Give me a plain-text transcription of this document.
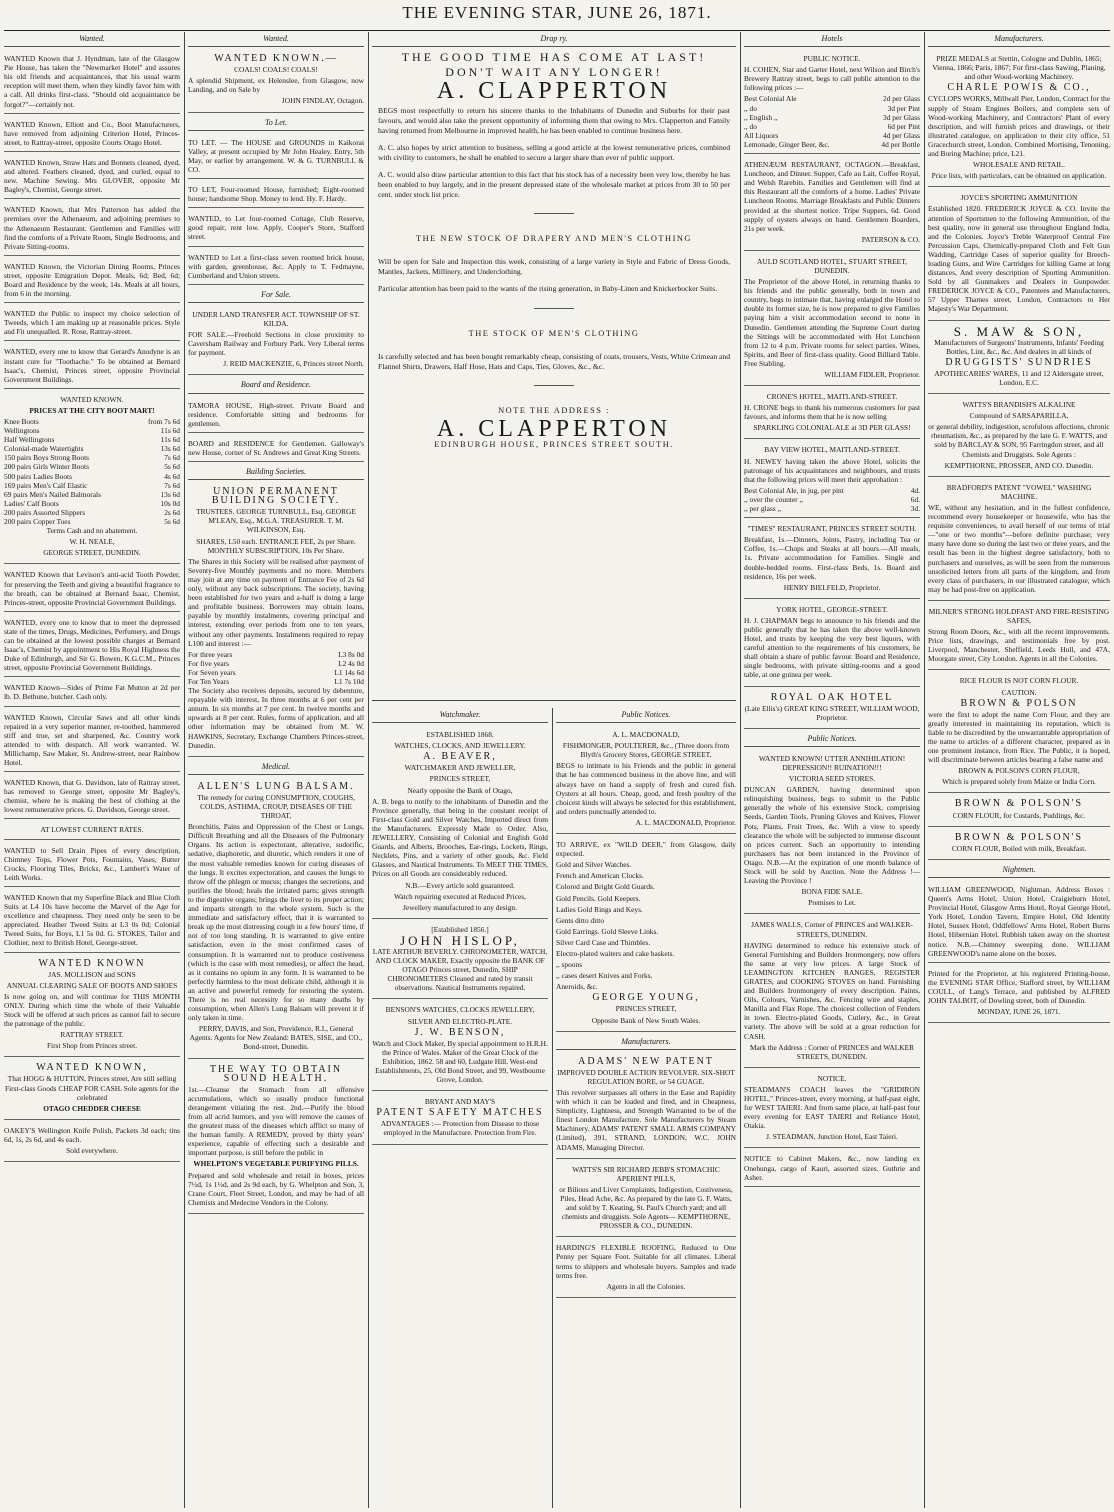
THE EVENING STAR, JUNE 26, 1871.
Wanted.
WANTED Known that J. Hyndman, late of the Glasgow Pie House, has taken the "Newmarket Hotel" and assures his old friends and acquaintances, that his usual warm reception will meet them, when they kindly favor him with a call. All drinks first-class. "Should old acquaintance be forgot?"—certainly not.
WANTED Known, Elliott and Co., Boot Manufacturers, have removed from adjoining Criterion Hotel, Princes-street, to Rattray-street, opposite Courts Otago Hotel.
WANTED Known, Straw Hats and Bonnets cleaned, dyed, and altered. Feathers cleaned, dyed, and curled, equal to new. Machine Sewing. Mrs GLOVER, opposite Mr Bagley's, Chemist, George street.
WANTED Known, that Mrs Patterson has added the premises over the Athenaeum, and adjoining premises to the Athenaeum Restaurant. Gentlemen and Families will find the comforts of a Private Room, Single Bedrooms, and Private Sitting-rooms.
WANTED Known, the Victorian Dining Rooms, Princes street, opposite Emigration Depot. Meals, 6d; Bed, 6d; Board and Residence by the week, 14s. Meals at all hours, from 6 in the morning.
WANTED the Public to inspect my choice selection of Tweeds, which I am making up at reasonable prices. Style and Fit unequalled. R. Rose, Rattray-street.
WANTED, every one to know that Gerard's Anodyne is an instant cure for "Toothache." To be obtained at Bernard Isaac's, Chemist, Princes street, opposite Provincial Government Buildings.

WANTED KNOWN.

PRICES AT THE CITY BOOT MART!

Knee Boots	from 7s 6d
Wellingtons	11s 6d
Half Wellingtons	11s 6d
Colonial-made Watertights	13s 6d
150 pairs Boys Strong Boots	7s 6d
200 pairs Girls Winter Boots	5s 6d
500 pairs Ladies Boots	4s 6d
169 pairs Men's Calf Elastic	7s 6d
69 pairs Men's Nailed Balmorals	13s 6d
Ladies' Calf Boots	10s 0d
200 pairs Assorted Slippers	2s 6d
200 pairs Copper Toes	5s 6d

Terms Cash and no abatement.

W. H. NEALE,

GEORGE STREET, DUNEDIN.

WANTED Known that Levison's anti-acid Tooth Powder, for preserving the Teeth and giving a beautiful fragrance to the breath, can be obtained at Bernard Isaac, Chemist, Princes-street, opposite Provincial Government Buildings.
WANTED, every one to know that to meet the depressed state of the times, Drugs, Medicines, Perfumery, and Drugs can be obtained at the lowest possible charges at Bernard Isaac's, Chemist by appointment to His Royal Highness the Duke of Edinburgh, and Sir G. Bowen, K.G.C.M., Princes street, opposite Provincial Government Buildings.
WANTED Known—Sides of Prime Fat Mutton at 2d per lb. D. Bethune, butcher. Cash only.
WANTED Known, Circular Saws and all other kinds repaired in a very superior manner, re-toothed, hammered stiff and true, set and sharpened, &c. Country work attended to with despatch. All work warranted. W. Millichamp, Saw Maker, St. Andrew-street, near Rainbow Hotel.
WANTED Known, that G. Davidson, late of Rattray street, has removed to George street, opposite Mr Bagley's, chemist, where he is making the best of clothing at the lowest remunerative prices. G. Davidson, George street.
AT LOWEST CURRENT RATES.
WANTED to Sell Drain Pipes of every description, Chimney Tops, Flower Pots, Fountains, Vases, Butter Crocks, Flooring Tiles, Bricks, &c., Lambert's Water of Leith Works.
WANTED Known that my Superfine Black and Blue Cloth Suits at L4 10s have become the Marvel of the Age for excellence and cheapness. They need only be seen to be appreciated. Heather Tweed Suits at L3 0s 0d; Colonial Tweed Suits, for Boys, L1 5s 0d. G. STOKES, Tailor and Clothier, next to British Hotel, George-street.

WANTED KNOWN

JAS. MOLLISON and SONS

ANNUAL CLEARING SALE OF BOOTS AND SHOES

Is now going on, and will continue for THIS MONTH ONLY. During which time the whole of their Valuable Stock will be offered at such prices as cannot fail to secure the patronage of the public.

RATTRAY STREET.

First Shop from Princes street.

WANTED KNOWN,

That HOGG & HUTTON, Princes street, Are still selling First-class Goods CHEAP FOR CASH. Sole agents for the celebrated

OTAGO CHEDDER CHEESE

OAKEY'S Wellington Knife Polish, Packets 3d each; tins 6d, 1s, 2s 6d, and 4s each.

Sold everywhere.

Wanted.

WANTED KNOWN.—

COALS! COALS! COALS!

A splendid Shipment, ex Helenslee, from Glasgow, now Landing, and on Sale by

JOHN FINDLAY, Octagon.

To Let.
TO LET. — The HOUSE and GROUNDS in Kaikorai Valley, at present occupied by Mr John Healey. Entry, 5th May, or earlier by arrangement. W. & G. TURNBULL & CO.
TO LET, Four-roomed House, furnished; Eight-roomed house; handsome Shop. Money to lend. Hy. F. Hardy.
WANTED, to Let four-roomed Cottage, Club Reserve, good repair, rent low. Apply, Cooper's Store, Stafford street.
WANTED to Let a first-class seven roomed brick house, with garden, greenhouse, &c. Apply to T. Fedmayne, Cumberland and Union streets.
For Sale.

UNDER LAND TRANSFER ACT. TOWNSHIP OF ST. KILDA.

FOR SALE.—Freehold Sections in close proximity to Caversham Railway and Forbury Park. Very Liberal terms for payment.

J. REID MACKENZIE, 6, Princes street North.

Board and Residence.
TAMORA HOUSE, High-street. Private Board and residence. Comfortable sitting and bedrooms for gentlemen.
BOARD and RESIDENCE for Gentlemen. Galloway's new House, corner of St. Andrews and Great King Streets.
Building Societies.

UNION PERMANENT BUILDING SOCIETY.

TRUSTEES. GEORGE TURNBULL, Esq. GEORGE M'LEAN, Esq., M.G.A. TREASURER. T. M. WILKINSON, Esq.

SHARES, L50 each. ENTRANCE FEE, 2s per Share. MONTHLY SUBSCRIPTION, 10s Per Share.

The Shares in this Society will be realised after payment of Seventy-five Monthly payments and no more. Members may join at any time on payment of Entrance Fee of 2s 6d only, without any back subscriptions. The society, having been established for two years and a-half is doing a large and profitable business. Borrowers may obtain loans, payable by monthly instalments, covering principal and interest, extending over periods from one to ten years, without any other payments. Instalments required to repay L100 and interest :—

For three years	L3 8s 0d
For five years	L2 4s 0d
For Seven years	L1 14s 6d
For Ten Years	L1 7s 10d

The Society also receives deposits, secured by debenture, repayable with interest, In three months at 6 per cent per annum. In six months at 7 per cent. In twelve months and upwards at 8 per cent. Rules, forms of application, and all other information may be obtained from M. W. HAWKINS, Secretary, Exchange Chambers Princes-street, Dunedin.

Medical.

ALLEN'S LUNG BALSAM.

The remedy for curing CONSUMPTION, COUGHS, COLDS, ASTHMA, CROUP, DISEASES OF THE THROAT,

Bronchitis, Pains and Oppression of the Chest or Lungs, Difficult Breathing and all the Diseases of the Pulmonary Organs. Its action is expectorant, alterative, sudorific, sedative, diaphoretic, and diuretic, which renders it one of the most valuable remedies known for curing diseases of the lungs. It excites expectoration, and causes the lungs to throw off the phlegm or mucus; changes the secretions, and purifies the blood; heals the irritated parts; gives strength to the digestive organs; brings the liver to its proper action; and imparts strength to the whole system. Such is the immediate and satisfactory effect, that it is warranted to break up the most distressing cough in a few hours' time, if not of too long standing. It is warranted to give entire satisfaction, even in the most confirmed cases of consumption. It is warranted not to produce costiveness (which is the case with most remedies), or affect the head, as it contains no opium in any form. It is warranted to be perfectly harmless to the most delicate child, although it is an active and powerful remedy for restoring the system. There is no real necessity for so many deaths by consumption, when Allen's Lung Balsam will prevent it if only taken in time.

PERRY, DAVIS, and Son, Providence, R.I., General Agents. Agents for New Zealand: BATES, SISE, and CO., Bond-street, Dunedin.

THE WAY TO OBTAIN SOUND HEALTH.

1st.—Cleanse the Stomach from all offensive accumulations, which so usually produce functional derangement vitiating the rest. 2nd.—Purify the blood from all acrid humors, and you will remove the causes of the greatest mass of the diseases which afflict so many of the human family. A REMEDY, proved by thirty years' experience, capable of effecting such a desirable and important purpose, is still before the public in

WHELPTON'S VEGETABLE PURIFYING PILLS.

Prepared and sold wholesale and retail in boxes, prices 7½d, 1s 1½d, and 2s 9d each, by G. Whelpton and Son, 3, Crane Court, Fleet Street, London, and may be had of all Chemists and Medecine Vendors in the Colony.

Drap ry.
THE GOOD TIME HAS COME AT LAST!
DON'T WAIT ANY LONGER!
A. CLAPPERTON
BEGS most respectfully to return his sincere thanks to the Inhabitants of Dunedin and Suburbs for their past favours, and would also take the present opportunity of informing them that owing to Mrs. Clapperton and Family having returned from Melbourne in improved health, he has been enabled to continue business here.
A. C. also hopes by strict attention to business, selling a good article at the lowest remunerative prices, combined with civility to customers, he shall be enabled to secure a larger share than ever of public support.
A. C. would also draw particular attention to this fact that his stock has of a necessity been very low, thereby he has been enabled to buy largely, and in the present depressed state of the wholesale market at prices from 30 to 50 per cent. under stock list price.
THE NEW STOCK OF DRAPERY AND MEN'S CLOTHING
Will be open for Sale and Inspection this week, consisting of a large variety in Style and Fabric of Dress Goods, Mantles, Jackets, Millinery, and Underclothing.
Particular attention has been paid to the wants of the rising generation, in Baby-Linen and Knickerbocker Suits.
THE STOCK OF MEN'S CLOTHING
Is carefully selected and has been bought remarkably cheap, consisting of coats, trousers, Vests, White Crimean and Flannel Shirts, Drawers, Half Hose, Hats and Caps, Ties, Gloves, &c., &c.
NOTE THE ADDRESS :
A. CLAPPERTON
EDINBURGH HOUSE, PRINCES STREET SOUTH.
Watchmaker.

ESTABLISHED 1868.

WATCHES, CLOCKS, AND JEWELLERY.

A. BEAVER,

WATCHMAKER AND JEWELLER,

PRINCES STREET,

Nearly opposite the Bank of Otago,

A. B. begs to notify to the inhabitants of Dunedin and the Province generally, that being in the constant receipt of First-class Gold and Silver Watches, Imported direct from the Manufacturers. Expressly Made to Order. Also, JEWELLERY, Consisting of Colonial and English Gold Guards, and Alberts, Brooches, Ear-rings, Lockets, Rings, Necklets, Pins, and a variety of other goods, &c. Field Glasses, and Nautical Instruments. To MEET THE TIMES, Prices on all Goods are considerably reduced.

N.B.—Every article sold guaranteed.

Watch repairing executed at Reduced Prices,

Jewellery manufactured to any design.

[Established 1856.]

JOHN HISLOP,

LATE ARTHUR BEVERLY. CHRONOMETER, WATCH, AND CLOCK MAKER, Exactly opposite the BANK OF OTAGO Princes street, Dunedin, SHIP CHRONOMETERS Cleaned and rated by transit observations. Nautical Instruments repaired.

BENSON'S WATCHES, CLOCKS JEWELLERY,

SILVER AND ELECTRO-PLATE.

J. W. BENSON,

Watch and Clock Maker, By special appointment to H.R.H. the Prince of Wales. Maker of the Great Clock of the Exhibition, 1862. 58 and 60, Ludgate Hill. West-end Establishments, 25, Old Bond Street, and 99, Westbourne Grove, London.

BRYANT AND MAY'S

PATENT SAFETY MATCHES

ADVANTAGES :— Protection from Disease to those employed in the Manufacture. Protection from Fire.

Public Notices.

A. L. MACDONALD,

FISHMONGER, POULTERER, &c., (Three doors from Blyth's Grocery Stores, GEORGE STREET,

BEGS to intimate to his Friends and the public in general that he has commenced business in the above line, and will always have on hand a supply of fresh and cured fish. Oysters at all hours. Cheap, good, and fresh poultry of the choicest kinds will always be selected for this establishment, and orders punctually attended to.

A. L. MACDONALD, Proprietor.

TO ARRIVE, ex "WILD DEER," from Glasgow, daily expected.

Gold and Silver Watches.

French and American Clocks.

Colored and Bright Gold Guards.

Gold Pencils. Gold Keepers.

Ladies Gold Rings and Keys.

Gents ditto ditto

Gold Earrings. Gold Sleeve Links.

Silver Card Case and Thimbles.

Electro-plated waiters and cake baskets.

,, spoons

,, cases desert Knives and Forks.

Aneroids, &c.

GEORGE YOUNG,

PRINCES STREET,

Opposite Bank of New South Wales.

Manufacturers.

ADAMS' NEW PATENT

IMPROVED DOUBLE ACTION REVOLVER. SIX-SHOT REGULATION BORE, or 54 GUAGE.

This revolver surpasses all others in the Ease and Rapidity with which it can be loaded and fired, and in Cheapness, Simplicity, Lightness, and Strength Warranted to be of the finest London Manufacture. Sole Manufacturers by Steam Machinery. ADAMS' PATENT SMALL ARMS COMPANY (Limited), 391, STRAND, LONDON, W.C. JOHN ADAMS, Managing Director.

WATTS'S SIR RICHARD JEBB'S STOMACHIC APERIENT PILLS,

or Bilious and Liver Complaints, Indigestion, Costiveness, Piles, Head Ache, &c. As prepared by the late G. F. Watts, and sold by T. Keating, St. Paul's Church yard; and all chemists and druggists. Sole Agents— KEMPTHORNE, PROSSER & CO., DUNEDIN.

HARDING'S FLEXIBLE ROOFING, Reduced to One Penny per Square Foot. Suitable for all climates. Liberal terms to shippers and wholesale buyers. Samples and trade terms free.

Agents in all the Colonies.

Hotels

PUBLIC NOTICE.

H. COHEN, Star and Garter Hotel, next Wilson and Birch's Brewery Rattray street, begs to call public attention to the following prices :—

Best Colonial Ale	2d per Glass
,, do	3d per Pint
,, English ,,	3d per Glass
,, do	6d per Pint
All Liquors	4d per Glass
Lemonade, Ginger Beer, &c.	4d per Bottle

ATHENÆUM RESTAURANT, OCTAGON.—Breakfast, Luncheon, and Dinner. Supper, Cafe au Lait, Coffee Royal, and Welsh Rarebits. Families and Gentlemen will find at this Restaurant all the comforts of a home. Ladies' Private Luncheon Rooms. Marriage Breakfasts and Public Dinners provided at the shortest notice. Tripe Suppers, 6d. Good supply of oysters always on hand. Gentlemen Boarders, 21s per week.

PATERSON & CO.

AULD SCOTLAND HOTEL, STUART STREET, DUNEDIN.

The Proprietor of the above Hotel, in returning thanks to his friends and the public generally, both in town and country, begs to intimate that, having enlarged the Hotel to double its former size, he is now prepared to give Families paying him a visit accommodation second to none in Dunedin. Gentlemen attending the Supreme Court during the Sittings will be accommodated with Hot Luncheon from 12 to 4 p.m. Private rooms for select parties. Wines, Spirits, and Beer of first-class quality. Good Billiard Table. Free Stabling.

WILLIAM FIDLER, Proprietor.

CRONE'S HOTEL, MAITLAND-STREET.

H. CRONE begs to thank his numerous customers for past favours, and informs them that he is now selling

SPARKLING COLONIAL ALE at 3D PER GLASS!

BAY VIEW HOTEL, MAITLAND-STREET.

H. NEWEY having taken the above Hotel, solicits the patronage of his acquaintances and neighbours, and trusts that the following prices will meet their approbation :

Best Colonial Ale, in jug, per pint	4d.
,, over the counter ,,	6d.
,, per glass ,,	3d.

"TIMES" RESTAURANT, PRINCES STREET SOUTH.

Breakfast, 1s.—Dinners, Joints, Pastry, including Tea or Coffee, 1s.—Chops and Steaks at all hours.—All meals, 1s. Private accommodation for Families. Single and double-bedded rooms. First-class Beds, 1s. Board and residence, 16s per week.

HENRY BIELFELD, Proprietor.

YORK HOTEL, GEORGE-STREET.

H. J. CHAPMAN begs to announce to his friends and the public generally that he has taken the above well-known Hotel, and trusts by keeping the very best liquors, with careful attention to the requirements of his customers, he shall obtain a share of public favour. Board and Residence, single bedrooms, with private sitting-rooms and a good table, at one guinea per week.

ROYAL OAK HOTEL

(Late Ellis's) GREAT KING STREET, WILLIAM WOOD, Proprietor.

Public Notices.

WANTED KNOWN! UTTER ANNIHILATION! DEPRESSION!! RUINATION!!!

VICTORIA SEED STORES.

DUNCAN GARDEN, having determined upon relinquishing business, begs to submit to the Public generally the whole of his extensive Stock, comprising Seeds, Garden Tools, Pruning Gloves and Knives, Flower Pots, Plants, Fruit Trees, &c. With a view to speedy clearance the whole will be subjected to immense discount on prices current. Such an opportunity to intending purchasers has not been instanced in the Province of Otago. N.B.—At the expiration of one month balance of Stock will be sold by Auction. Note the Address !—Leaving the Province !

BONA FIDE SALE.

Premises to Let.

JAMES WALLS, Corner of PRINCES and WALKER-STREETS, DUNEDIN.

HAVING determined to reduce his extensive stock of General Furnishing and Builders Ironmongery, now offers the same at very low prices. A large Stock of LEAMINGTON KITCHEN RANGES, REGISTER GRATES, and COOKING STOVES on hand. Furnishing and Builders Ironmongery of every description. Paints, Oils, Colours, Varnishes, &c. Fencing wire and staples, Manilla and Flax Rope. The choicest collection of Fenders in town. Electro-plated Goods, Cutlery, &c., in Great variety. The above will be sold at a great reduction for CASH.

Mark the Address : Corner of PRINCES and WALKER STREETS, DUNEDIN.

NOTICE.

STEADMAN'S COACH leaves the "GRIDIRON HOTEL," Princes-street, every morning, at half-past eight, for WEST TAIERI. And from same place, at half-past four every evening for EAST TAIERI and Reliance Hotel, Otakia.

J. STEADMAN, Junction Hotel, East Taieri.

NOTICE to Cabinet Makers, &c., now landing ex Onehunga, cargo of Kauri, assorted sizes. Guthrie and Asher.
Manufacturers.

PRIZE MEDALS at Stettin, Cologne and Dublin, 1865; Vienna, 1866; Paris, 1867; For first-class Sawing, Planing, and other Wood-working Machinery.

CHARLE POWIS & CO.,

CYCLOPS WORKS, Millwall Pier, London, Contract for the supply of Steam Engines Boilers, and complete sets of Wood-working Machinery, and Contractors' Plant of every description, and will furnish prices and drawings, or their illustrated catalogue, on application to their city office, 51 Gracechurch street, London. Combined Mortising, Tenoning, and Boring Machine; price, L21.

WHOLESALE AND RETAIL.

Price lists, with particulars, can be obtained on application.

JOYCE'S SPORTING AMMUNITION

Established 1820. FREDERICK JOYCE & CO. Invite the attention of Sportsmen to the following Ammunition, of the best quality, now in general use throughout England India, and the Colonies. Joyce's Treble Waterproof Central Fire Percussion Caps, Chemically-prepared Cloth and Felt Gun Wadding, Cartridge Cases of superior quality for Breech-loading Guns, and Wire Cartridges for killing Game at long distances, And every description of Sporting Ammunition. Sold by all Gunmakers and Dealers in Gunpowder. FREDERICK JOYCE & CO., Patentees and Manufacturers, 57 Upper Thames street, London, Contractors to Her Majesty's War Department.

S. MAW & SON,

Manufacturers of Surgeons' Instruments, Infants' Feeding Bottles, Lint, &c., &c. And dealers in all kinds of

DRUGGISTS' SUNDRIES

APOTHECARIES' WARES, 11 and 12 Aldersgate street, London, E.C.

WATTS'S BRANDISH'S ALKALINE

Compound of SARSAPARILLA,

or general debility, indigestion, scrofulous affections, chronic rheumatism, &c., as prepared by the late G. F. WATTS, and sold by BARCLAY & SON, 95 Farringdon street, and all Chemists and Druggists. Sole Agents :

KEMPTHORNE, PROSSER, AND CO. Dunedin.

BRADFORD'S PATENT "VOWEL" WASHING MACHINE.

WE, without any hesitation, and in the fullest confidence, recommend every housekeeper or housewife, who has the requisite conveniences, to avail herself of our terms of trial—"one or two months"—before definite purchase; very many have done so during the last two or three years, and the result has been in the highest degree satisfactory, both to purchasers and ourselves, as will be seen from the numerous unsolicited letters from all parts of the kingdom, and from every class of purchasers, in our illustrated catalogue, which may be had post-free on application.

MILNER'S STRONG HOLDFAST AND FIRE-RESISTING SAFES,

Strong Room Doors, &c., with all the recent improvements. Price lists, drawings, and testimonials free by post. Liverpool, Manchester, Sheffield, Leeds Hull, and 47A, Moorgate street, City London. Agents in all the Colonies.

RICE FLOUR IS NOT CORN FLOUR.

CAUTION.

BROWN & POLSON

were the first to adopt the name Corn Flour, and they are greatly interested in maintaining its reputation, which is liable to be discredited by the unwarrantable appropriation of the name to articles of a different character, prepared as in one prominent instance, from Rice. The Public, it is hoped, will discriminate between articles bearing a false name and

BROWN & POLSON'S CORN FLOUR,

Which is prepared solely from Maize or India Corn.

BROWN & POLSON'S

CORN FLOUR, for Custards, Puddings, &c.

BROWN & POLSON'S

CORN FLOUR, Boiled with milk, Breakfast.

Nightmen.
WILLIAM GREENWOOD, Nightman. Address Boxes : Queen's Arms Hotel, Union Hotel, Craigieburn Hotel, Provincial Hotel, Glasgow Arms Hotel, Royal George Hotel, York Hotel, London Tavern, Empire Hotel, Old Identity Hotel, Sussex Hotel, Oddfellows' Arms Hotel, Robert Burns Hotel, Hibernian Hotel. Rubbish taken away on the shortest notice. N.B.—Chimney sweeping done. WILLIAM GREENWOOD's name alone on the boxes.

Printed for the Proprietor, at his registered Printing-house, the EVENING STAR Office, Stafford street, by WILLIAM COULL, of Lang's Terrace, and published by ALFRED JOHN TALBOT, of Dowling street, both of Dunedin.

MONDAY, JUNE 26, 1871.
